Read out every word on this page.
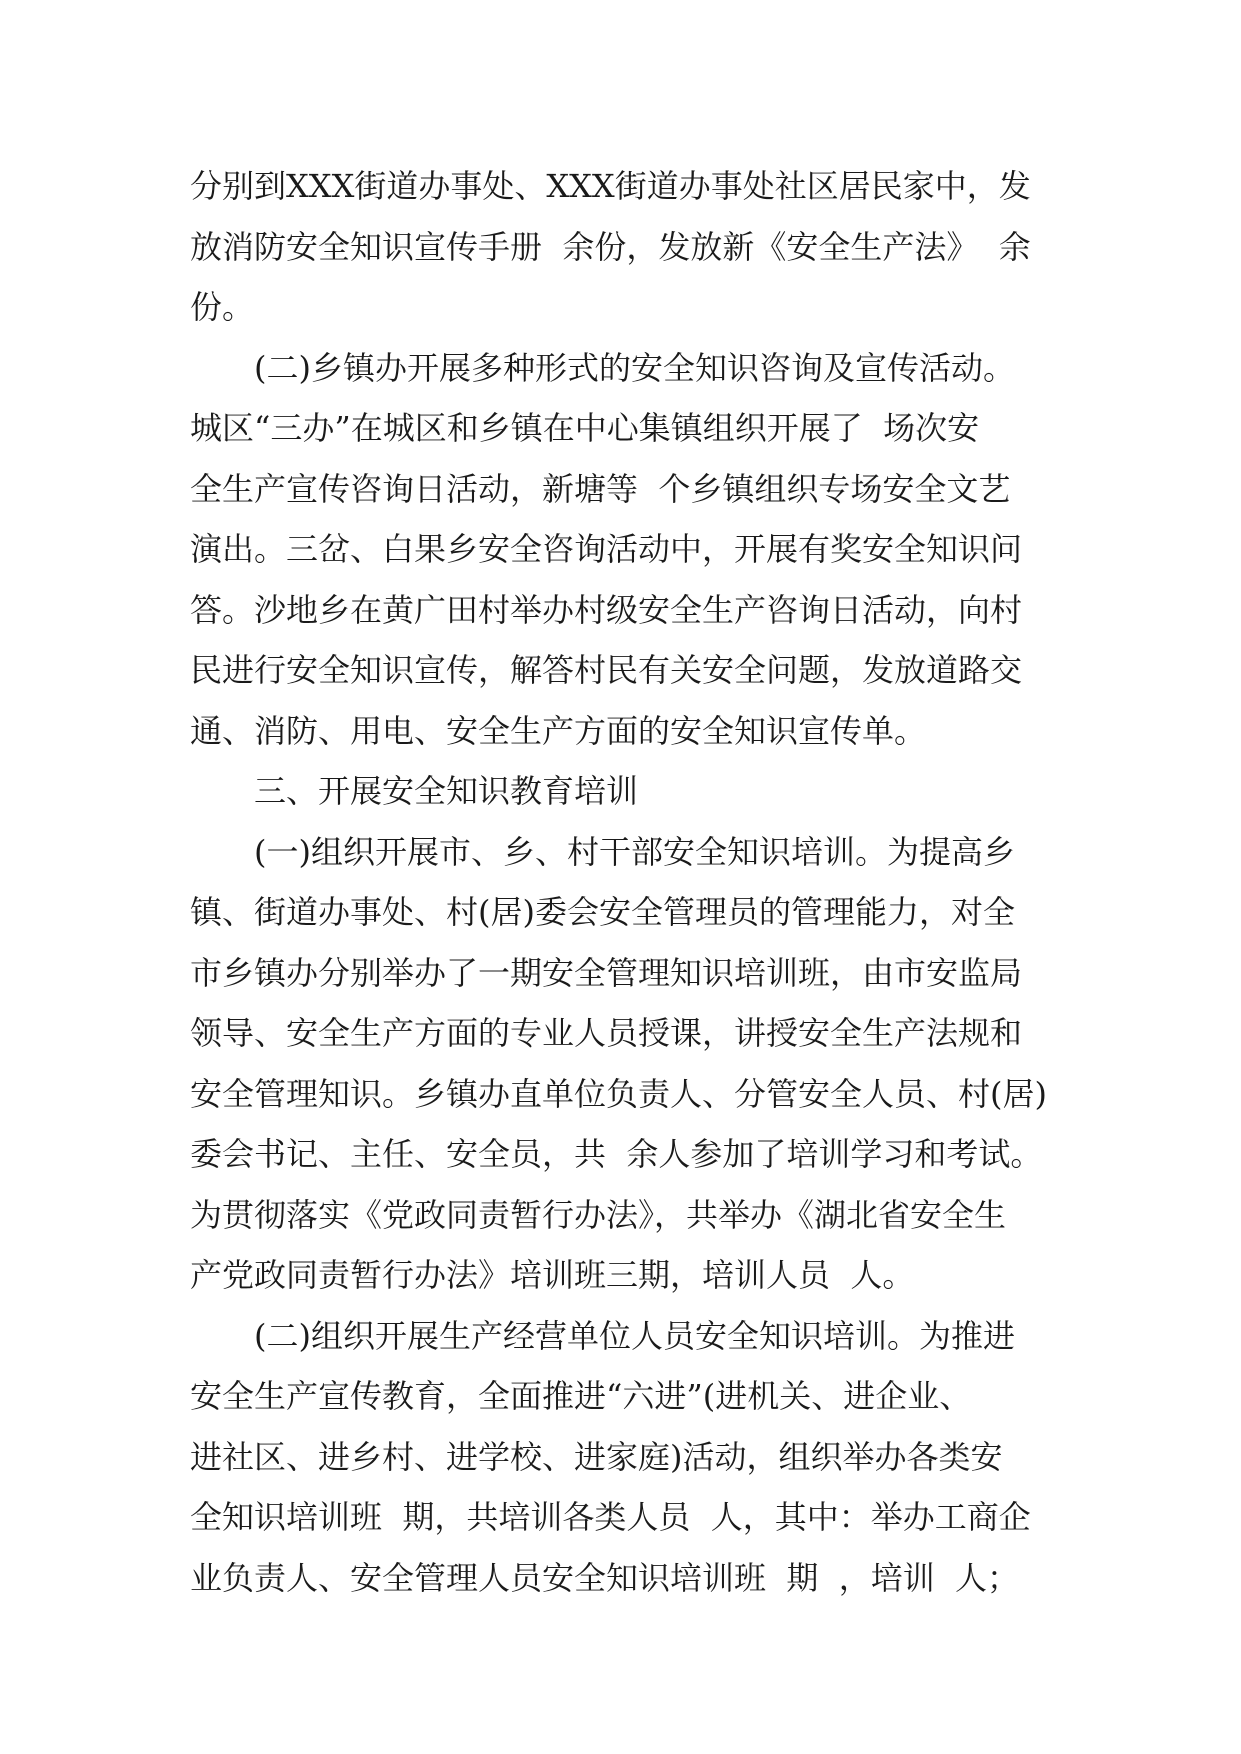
分别到XXX街道办事处、XXX街道办事处社区居民家中，发
放消防安全知识宣传手册  余份，发放新《安全生产法》  余
份。
(二)乡镇办开展多种形式的安全知识咨询及宣传活动。
城区“三办”在城区和乡镇在中心集镇组织开展了  场次安
全生产宣传咨询日活动，新塘等  个乡镇组织专场安全文艺
演出。三岔、白果乡安全咨询活动中，开展有奖安全知识问
答。沙地乡在黄广田村举办村级安全生产咨询日活动，向村
民进行安全知识宣传，解答村民有关安全问题，发放道路交
通、消防、用电、安全生产方面的安全知识宣传单。
三、开展安全知识教育培训
(一)组织开展市、乡、村干部安全知识培训。为提高乡
镇、街道办事处、村(居)委会安全管理员的管理能力，对全
市乡镇办分别举办了一期安全管理知识培训班，由市安监局
领导、安全生产方面的专业人员授课，讲授安全生产法规和
安全管理知识。乡镇办直单位负责人、分管安全人员、村(居)
委会书记、主任、安全员，共  余人参加了培训学习和考试。
为贯彻落实《党政同责暂行办法》，共举办《湖北省安全生
产党政同责暂行办法》培训班三期，培训人员  人。
(二)组织开展生产经营单位人员安全知识培训。为推进
安全生产宣传教育，全面推进“六进”(进机关、进企业、
进社区、进乡村、进学校、进家庭)活动，组织举办各类安
全知识培训班  期，共培训各类人员  人，其中：举办工商企
业负责人、安全管理人员安全知识培训班  期  ，培训  人；
